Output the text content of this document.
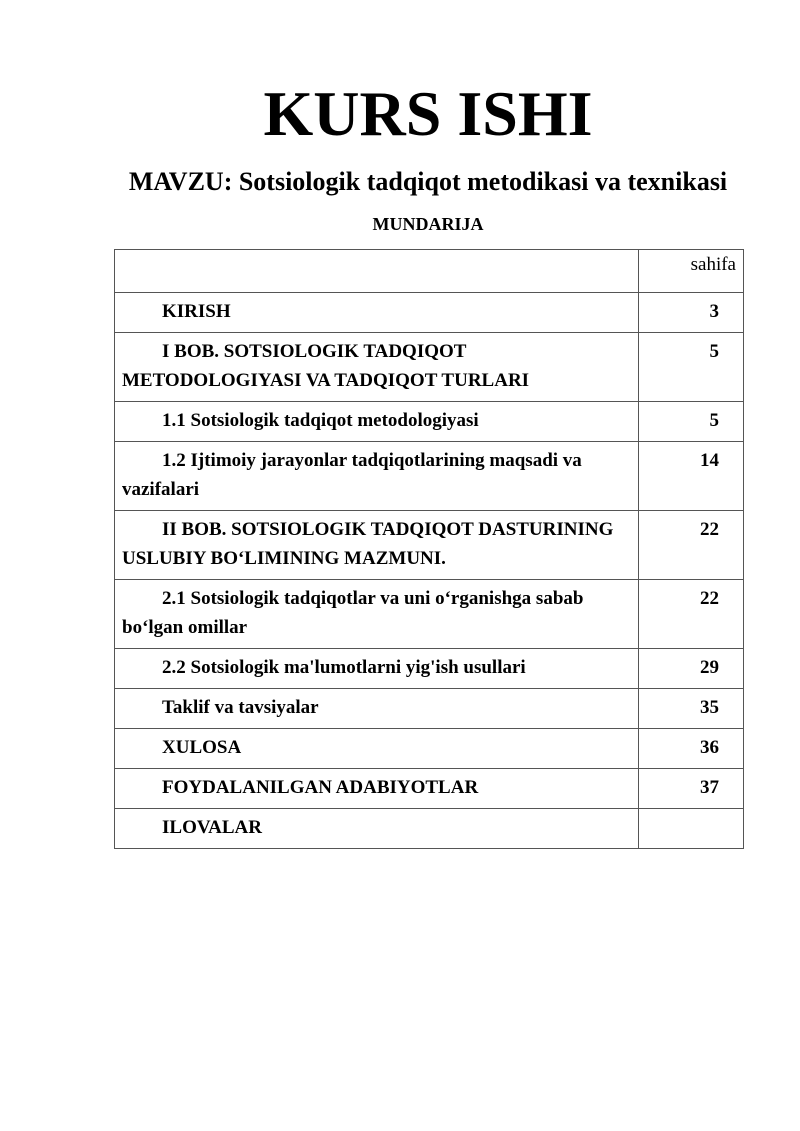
KURS ISHI
MAVZU: Sotsiologik tadqiqot metodikasi va texnikasi
MUNDARIJA
	sahifa
KIRISH	3
I BOB. SOTSIOLOGIK TADQIQOT METODOLOGIYASI VA TADQIQOT TURLARI	5
1.1 Sotsiologik tadqiqot metodologiyasi	5
1.2 Ijtimoiy jarayonlar tadqiqotlarining maqsadi va vazifalari	14
II BOB. SOTSIOLOGIK TADQIQOT DASTURINING USLUBIY BO‘LIMINING MAZMUNI.	22
2.1 Sotsiologik tadqiqotlar va uni o‘rganishga sabab bo‘lgan omillar	22
2.2 Sotsiologik ma'lumotlarni yig'ish usullari	29
Taklif va tavsiyalar	35
XULOSA	36
FOYDALANILGAN ADABIYOTLAR	37
ILOVALAR	
